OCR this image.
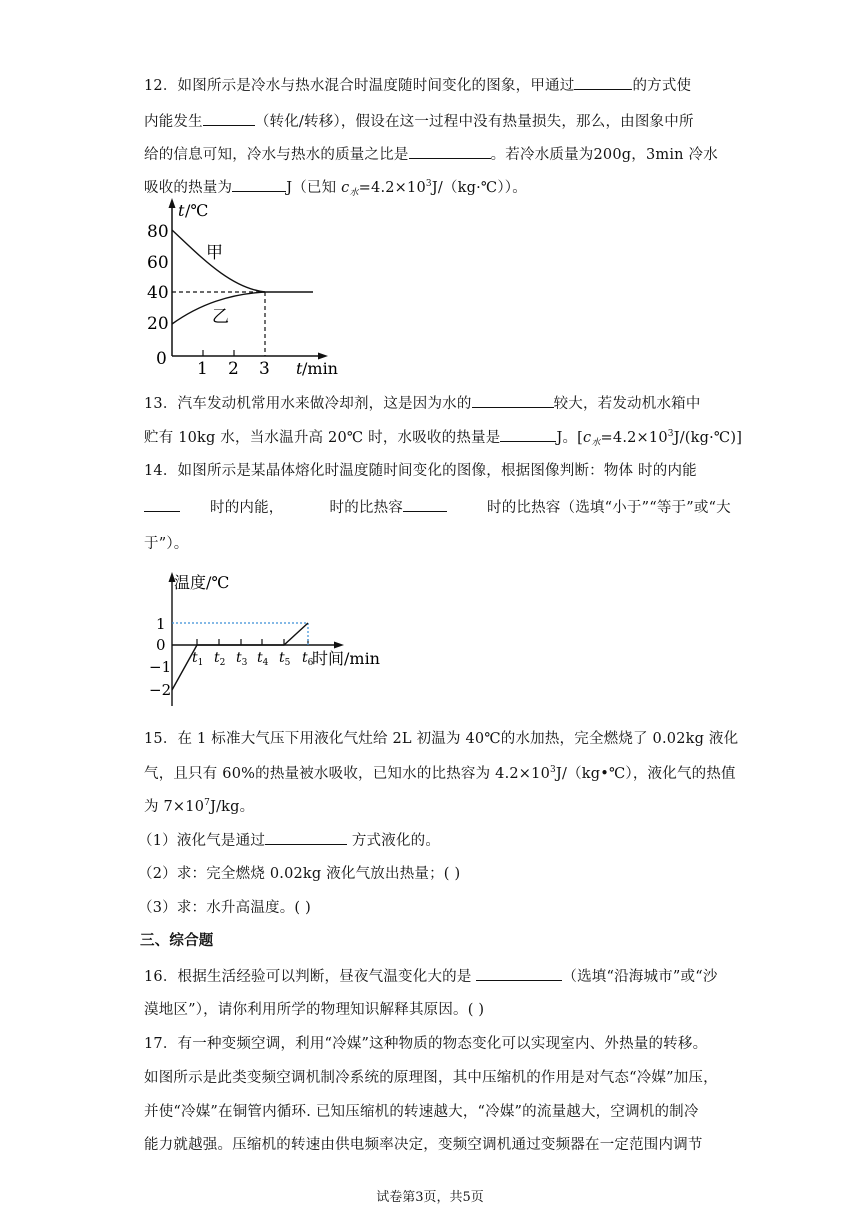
12．如图所示是冷水与热水混合时温度随时间变化的图象，甲通过	的方式使
内能发生	（转化/转移），假设在这一过程中没有热量损失，那么，由图象中所
给的信息可知，冷水与热水的质量之比是	。若冷水质量为200g，3min 冷水
吸收的热量为	J（已知 $c_水=4.2\times 10^3J/(kg\cdot℃)$）。
t /℃
t /min
80
60
40
20
0 1 2 3
甲
乙
13．汽车发动机常用水来做冷却剂，这是因为水的	较大，若发动机水箱中
贮有 10kg 水，当水温升高 20℃ 时，水吸收的热量是	J。$[c_水=4.2\times 10^3J/(kg\cdot℃)]$
14．如图所示是某晶体熔化时温度随时间变化的图像，根据图像判断：物体 时的内能
时的内能，	时的比热容	时的比热容（选填“小于”“等于”或“大
于”）。
温度/℃
时间/min
1
0
−1
−2
$t_1$ $t_2$ $t_3$ $t_4$ $t_5$ $t_6$
15．在 1 标准大气压下用液化气灶给 2L 初温为 40℃的水加热，完全燃烧了 0.02kg 液化
气，且只有 60%的热量被水吸收，已知水的比热容为 $4.2\times 10^3J/(kg•℃)$，液化气的热值
为 $7\times 10^7J/kg$。
（1）液化气是通过	方式液化的。
（2）求：完全燃烧 0.02kg 液化气放出热量；( )
（3）求：水升高温度。( )
三、综合题
16．根据生活经验可以判断，昼夜气温变化大的是	（选填“沿海城市”或“沙
漠地区”），请你利用所学的物理知识解释其原因。( )
17．有一种变频空调，利用“冷媒”这种物质的物态变化可以实现室内、外热量的转移。
如图所示是此类变频空调机制冷系统的原理图，其中压缩机的作用是对气态“冷媒”加压，
并使“冷媒”在铜管内循环. 已知压缩机的转速越大，“冷媒”的流量越大，空调机的制冷
能力就越强。压缩机的转速由供电频率决定，变频空调机通过变频器在一定范围内调节
试卷第3页，共5页
